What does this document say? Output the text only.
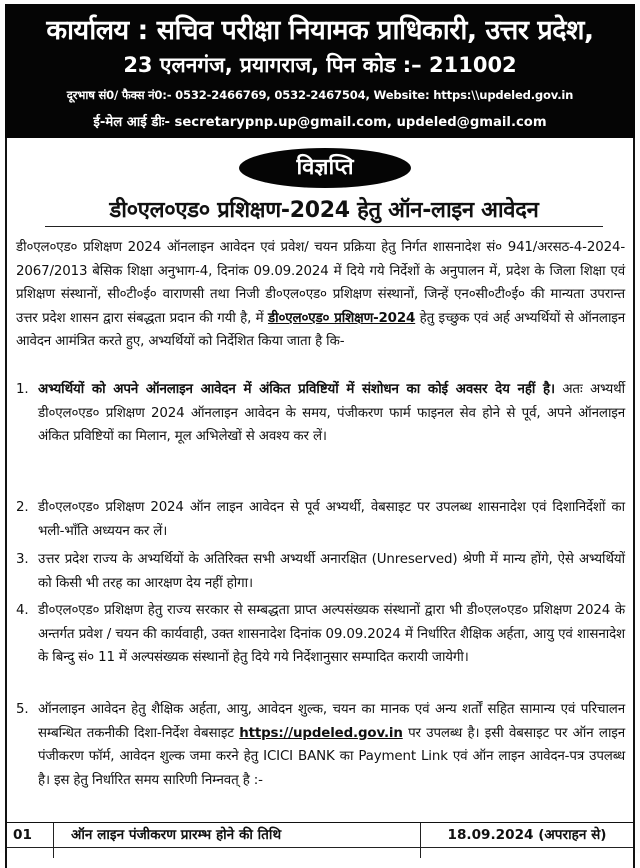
कार्यालय : सचिव परीक्षा नियामक प्राधिकारी, उत्तर प्रदेश,
23 एलनगंज, प्रयागराज, पिन कोड :– 211002
दूरभाष सं0/ फैक्स नं0:- 0532-2466769, 0532-2467504, Website: https:\\updeled.gov.in
ई-मेल आई डीः- secretarypnp.up@gmail.com, updeled@gmail.com
विज्ञप्ति
डी०एल०एड० प्रशिक्षण-2024 हेतु ऑन-लाइन आवेदन

डी०एल०एड० प्रशिक्षण 2024 ऑनलाइन आवेदन एवं प्रवेश/ चयन प्रक्रिया हेतु निर्गत शासनादेश सं० 941/अरसठ-4-2024-2067/2013 बेसिक शिक्षा अनुभाग-4, दिनांक 09.09.2024 में दिये गये निर्देशों के अनुपालन में, प्रदेश के जिला शिक्षा एवं प्रशिक्षण संस्थानों, सी०टी०ई० वाराणसी तथा निजी डी०एल०एड० प्रशिक्षण संस्थानों, जिन्हें एन०सी०टी०ई० की मान्यता उपरान्त उत्तर प्रदेश शासन द्वारा संबद्धता प्रदान की गयी है, में डी०एल०एड० प्रशिक्षण-2024 हेतु इच्छुक एवं अर्ह अभ्यर्थियों से ऑनलाइन आवेदन आमंत्रित करते हुए, अभ्यर्थियों को निर्देशित किया जाता है कि-

1. अभ्यर्थियों को अपने ऑनलाइन आवेदन में अंकित प्रविष्टियों में संशोधन का कोई अवसर देय नहीं है। अतः अभ्यर्थी डी०एल०एड० प्रशिक्षण 2024 ऑनलाइन आवेदन के समय, पंजीकरण फार्म फाइनल सेव होने से पूर्व, अपने ऑनलाइन अंकित प्रविष्टियों का मिलान, मूल अभिलेखों से अवश्य कर लें।
2. डी०एल०एड० प्रशिक्षण 2024 ऑन लाइन आवेदन से पूर्व अभ्यर्थी, वेबसाइट पर उपलब्ध शासनादेश एवं दिशानिर्देशों का भली-भाँति अध्ययन कर लें।
3. उत्तर प्रदेश राज्य के अभ्यर्थियों के अतिरिक्त सभी अभ्यर्थी अनारक्षित (Unreserved) श्रेणी में मान्य होंगे, ऐसे अभ्यर्थियों को किसी भी तरह का आरक्षण देय नहीं होगा।
4. डी०एल०एड० प्रशिक्षण हेतु राज्य सरकार से सम्बद्धता प्राप्त अल्पसंख्यक संस्थानों द्वारा भी डी०एल०एड० प्रशिक्षण 2024 के अन्तर्गत प्रवेश / चयन की कार्यवाही, उक्त शासनादेश दिनांक 09.09.2024 में निर्धारित शैक्षिक अर्हता, आयु एवं शासनादेश के बिन्दु सं० 11 में अल्पसंख्यक संस्थानों हेतु दिये गये निर्देशानुसार सम्पादित करायी जायेगी।
5. ऑनलाइन आवेदन हेतु शैक्षिक अर्हता, आयु, आवेदन शुल्क, चयन का मानक एवं अन्य शर्तों सहित सामान्य एवं परिचालन सम्बन्धित तकनीकी दिशा-निर्देश वेबसाइट https://updeled.gov.in पर उपलब्ध है। इसी वेबसाइट पर ऑन लाइन पंजीकरण फॉर्म, आवेदन शुल्क जमा करने हेतु ICICI BANK का Payment Link एवं ऑन लाइन आवेदन-पत्र उपलब्ध है। इस हेतु निर्धारित समय सारिणी निम्नवत् है :-
01	ऑन लाइन पंजीकरण प्रारम्भ होने की तिथि	18.09.2024 (अपराहन से)
